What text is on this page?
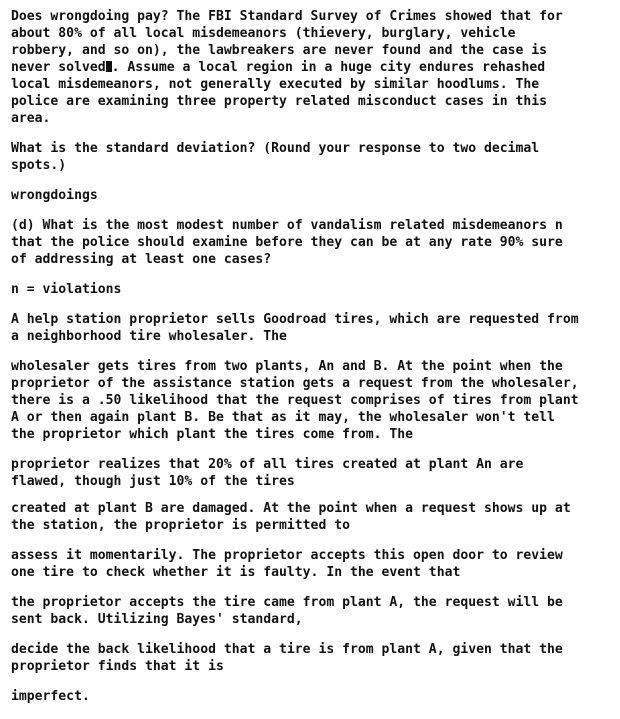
Does wrongdoing pay? The FBI Standard Survey of Crimes showed that for
about 80% of all local misdemeanors (thievery, burglary, vehicle
robbery, and so on), the lawbreakers are never found and the case is
never solved . Assume a local region in a huge city endures rehashed
local misdemeanors, not generally executed by similar hoodlums. The
police are examining three property related misconduct cases in this
area.

What is the standard deviation? (Round your response to two decimal
spots.)

wrongdoings

(d) What is the most modest number of vandalism related misdemeanors n
that the police should examine before they can be at any rate 90% sure
of addressing at least one cases?

n = violations

A help station proprietor sells Goodroad tires, which are requested from
a neighborhood tire wholesaler. The

wholesaler gets tires from two plants, An and B. At the point when the
proprietor of the assistance station gets a request from the wholesaler,
there is a .50 likelihood that the request comprises of tires from plant
A or then again plant B. Be that as it may, the wholesaler won't tell
the proprietor which plant the tires come from. The

proprietor realizes that 20% of all tires created at plant An are
flawed, though just 10% of the tires

created at plant B are damaged. At the point when a request shows up at
the station, the proprietor is permitted to

assess it momentarily. The proprietor accepts this open door to review
one tire to check whether it is faulty. In the event that

the proprietor accepts the tire came from plant A, the request will be
sent back. Utilizing Bayes' standard,

decide the back likelihood that a tire is from plant A, given that the
proprietor finds that it is

imperfect.
